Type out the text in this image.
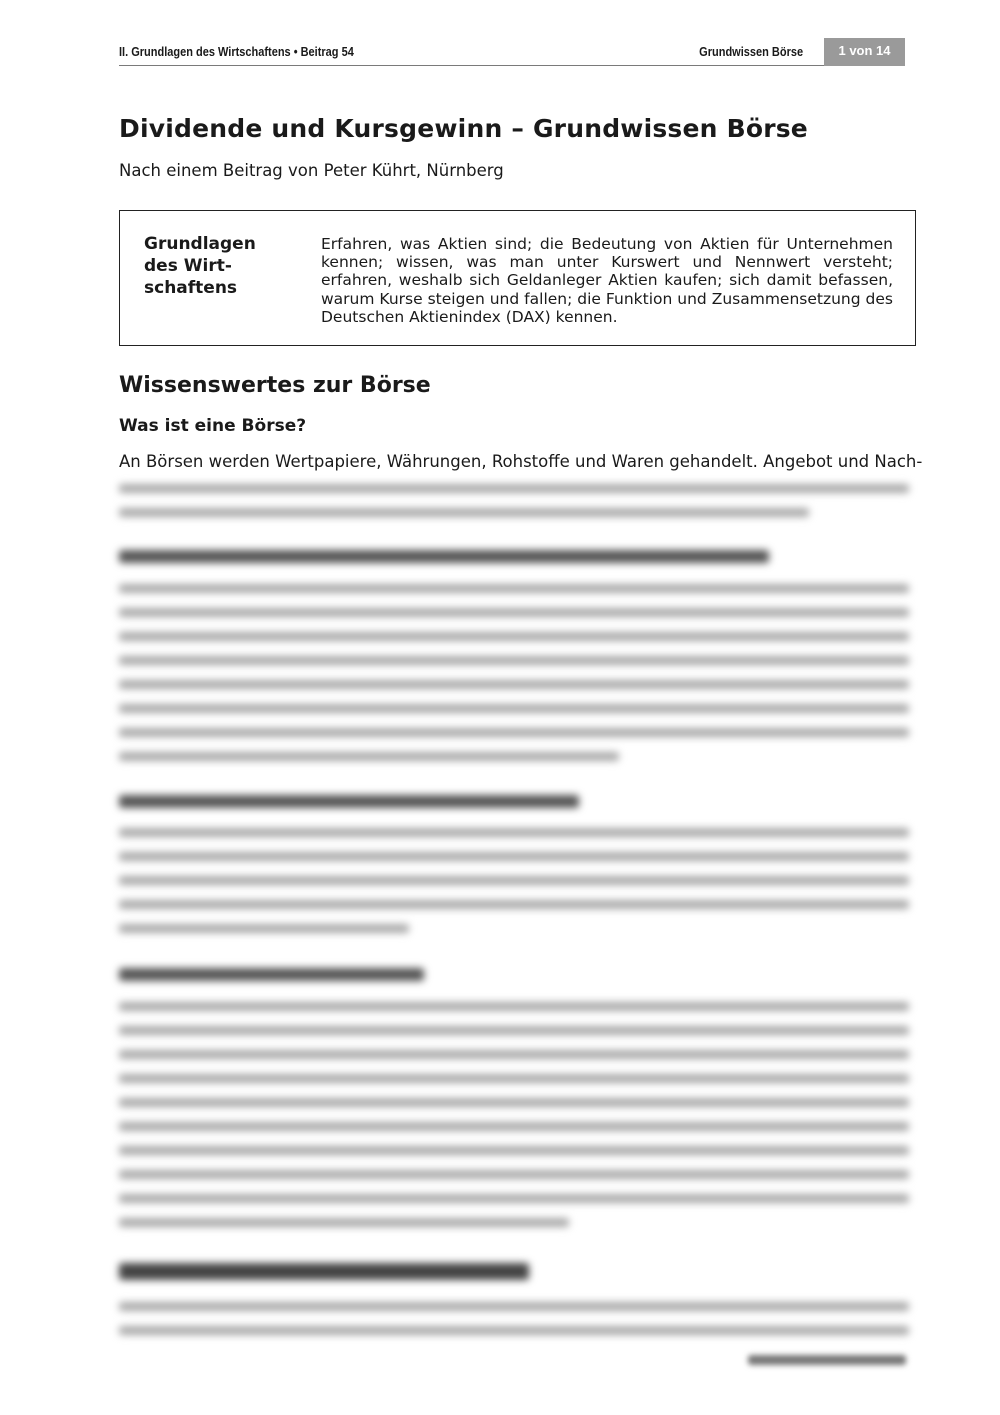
II. Grundlagen des Wirtschaftens • Beitrag 54	Grundwissen Börse	1 von 14
Dividende und Kursgewinn – Grundwissen Börse
Nach einem Beitrag von Peter Kührt, Nürnberg
Grundlagen des Wirtschaftens
Erfahren, was Aktien sind; die Bedeutung von Aktien für Unternehmen kennen; wissen, was man unter Kurswert und Nennwert versteht; erfahren, weshalb sich Geldanleger Aktien kaufen; sich damit befassen, warum Kurse steigen und fallen; die Funktion und Zusammensetzung des Deutschen Aktienindex (DAX) kennen.
Wissenswertes zur Börse
Was ist eine Börse?
An Börsen werden Wertpapiere, Währungen, Rohstoffe und Waren gehandelt. Angebot und Nach-
